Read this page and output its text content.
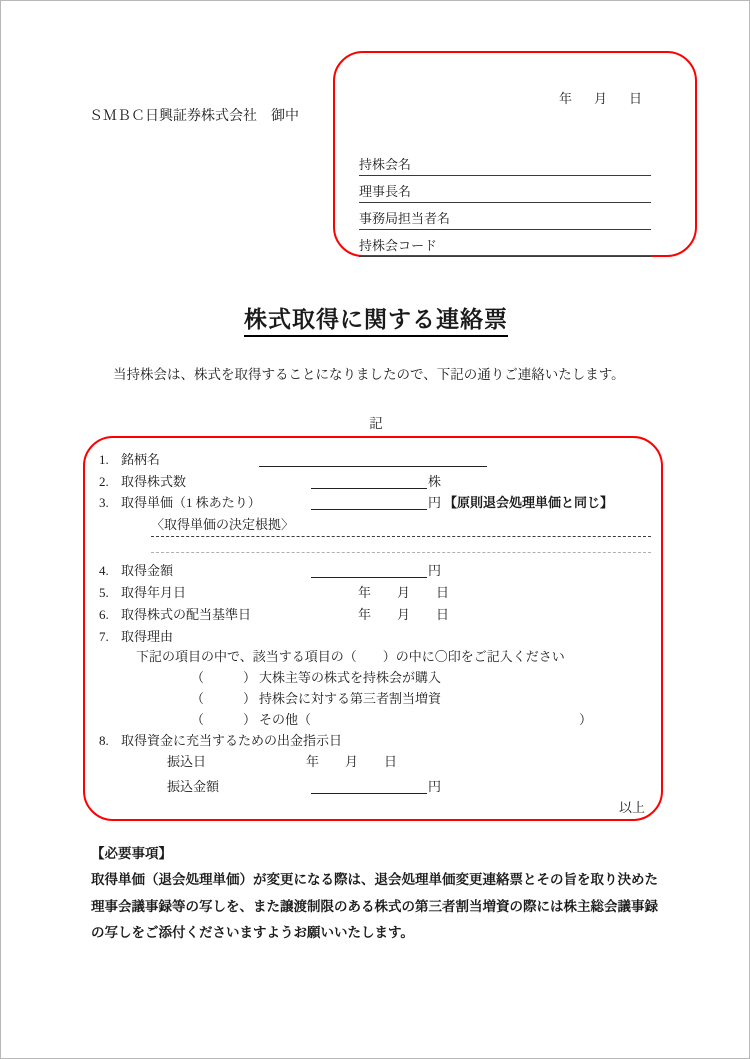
年 月 日

ＳＭＢＣ日興証券株式会社　御中
持株会名
理事長名
事務局担当者名
持株会コード
株式取得に関する連絡票
当持株会は、株式を取得することになりましたので、下記の通りご連絡いたします。
記
1. 銘柄名
2. 取得株式数	株
3. 取得単価（1 株あたり）	円 【原則退会処理単価と同じ】
〈取得単価の決定根拠〉
4. 取得金額	円
5. 取得年月日	年 月 日
6. 取得株式の配当基準日	年 月 日
7. 取得理由
下記の項目の中で、該当する項目の（　　）の中に〇印をご記入ください
（　　　） 大株主等の株式を持株会が購入
（　　　） 持株会に対する第三者割当増資
（　　　） その他（	）
8. 取得資金に充当するための出金指示日
振込日	年 月 日
振込金額	円
以上
【必要事項】
取得単価（退会処理単価）が変更になる際は、退会処理単価変更連絡票とその旨を取り決めた
理事会議事録等の写しを、また譲渡制限のある株式の第三者割当増資の際には株主総会議事録
の写しをご添付くださいますようお願いいたします。
